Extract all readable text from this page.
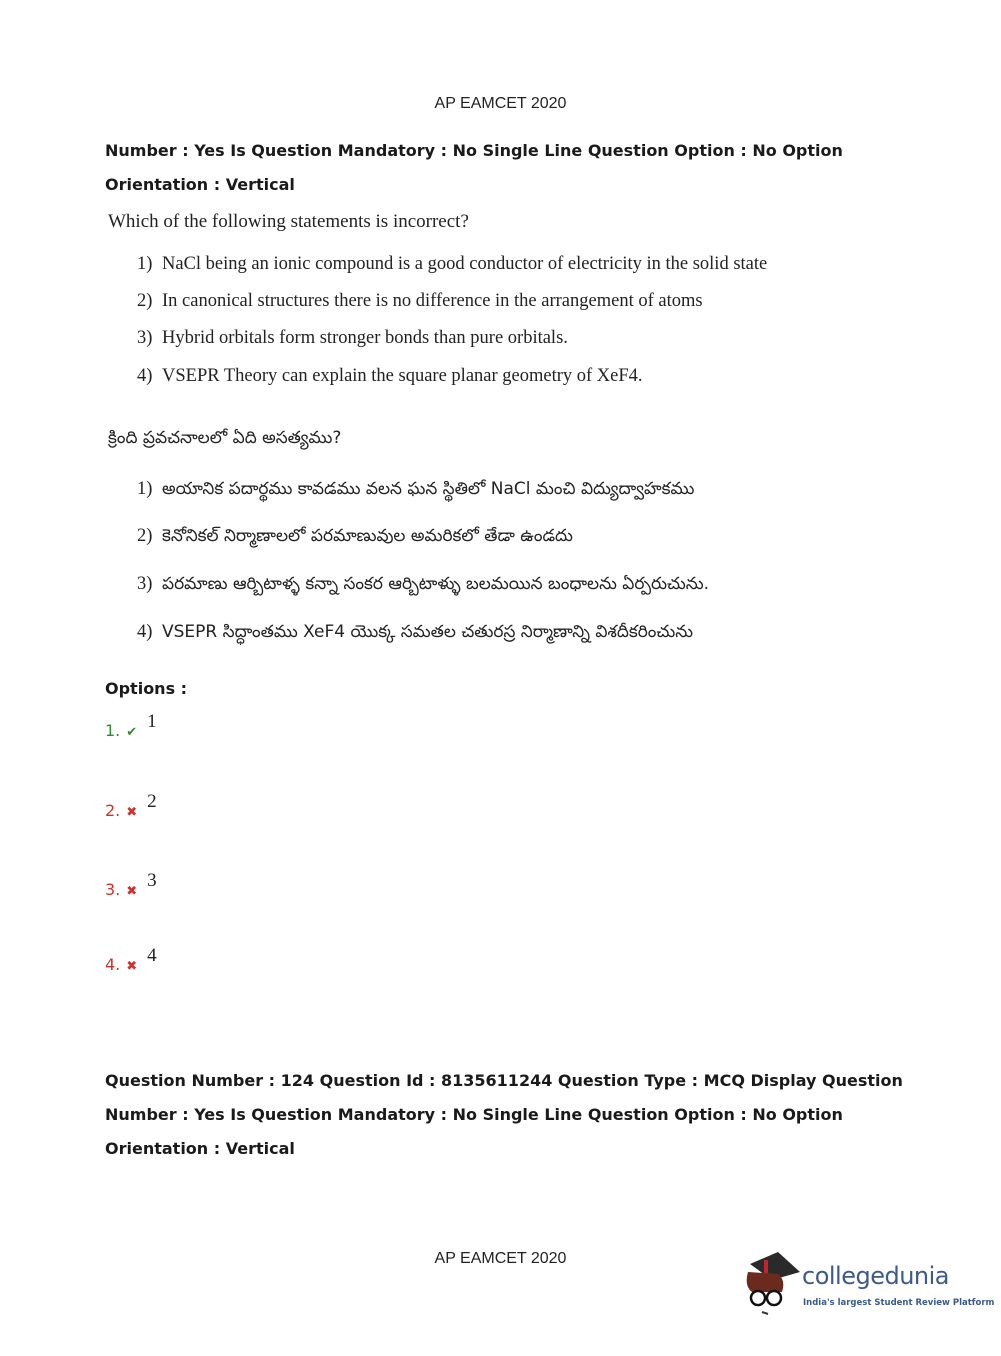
AP EAMCET 2020
Number : Yes Is Question Mandatory : No Single Line Question Option : No Option
Orientation : Vertical
Which of the following statements is incorrect?
1) NaCl being an ionic compound is a good conductor of electricity in the solid state
2) In canonical structures there is no difference in the arrangement of atoms
3) Hybrid orbitals form stronger bonds than pure orbitals.
4) VSEPR Theory can explain the square planar geometry of XeF4.
క్రింది ప్రవచనాలలో ఏది అసత్యము?
1) అయానిక పదార్థము కావడము వలన ఘన స్థితిలో NaCl మంచి విద్యుద్వాహకము
2) కెనోనికల్ నిర్మాణాలలో పరమాణువుల అమరికలో తేడా ఉండదు
3) పరమాణు ఆర్బిటాళ్ళ కన్నా సంకర ఆర్బిటాళ్ళు బలమయిన బంధాలను ఏర్పరుచును.
4) VSEPR సిద్ధాంతము XeF4 యొక్క సమతల చతురస్ర నిర్మాణాన్ని విశదీకరించును
Options :
1. ✔1
2. ✖2
3. ✖3
4. ✖4
Question Number : 124 Question Id : 8135611244 Question Type : MCQ Display Question
Number : Yes Is Question Mandatory : No Single Line Question Option : No Option
Orientation : Vertical
AP EAMCET 2020
collegedunia
India's largest Student Review Platform
